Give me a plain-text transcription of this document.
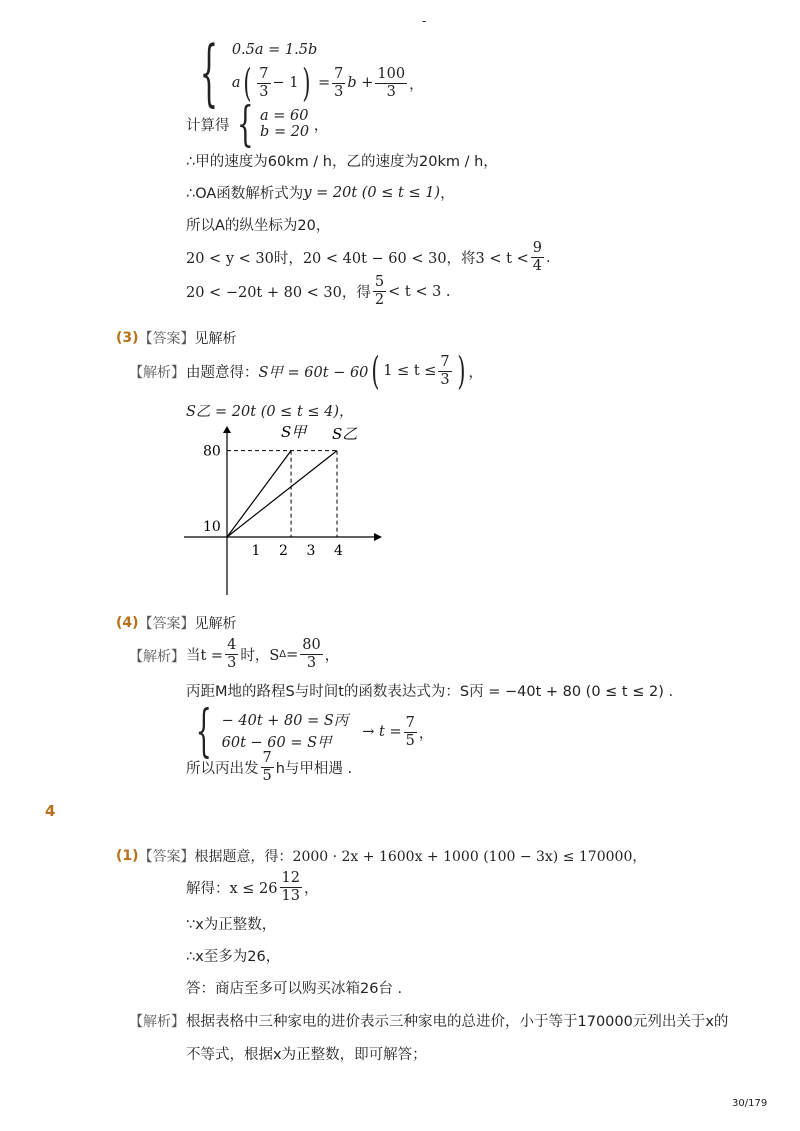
-
{ 0.5a = 1.5b
a ( $\frac{7}{3} - 1$ ) = $\frac{7}{3}$ $b + \frac{100}{3}$ ，
计算得 { a = 60
b = 20 ，
∴甲的速度为60km / h，乙的速度为20km / h，
∴OA函数解析式为 y = 20t (0 ≤ t ≤ 1) ，
所以A的纵坐标为20，
20 < y < 30时，20 < 40t − 60 < 30，将$3 < t < \frac{9}{4}$ .
20 < −20t + 80 < 30，得 $\frac{5}{2} < t < 3$ .
(3) 【答案】 见解析
【解析】 由题意得： S甲 = 60t − 60 ( $1 \le t \le \frac{7}{3}$ ) ，
S乙 = 20t (0 ≤ t ≤ 4)，
1 2 3 4
10
80
S甲 S乙
(4) 【答案】 见解析
【解析】 当$t = \frac{4}{3}$ 时，S $\Delta = \frac{80}{3}$ ，
丙距M地的路程S与时间t的函数表达式为：S丙 = −40t + 80 (0 ≤ t ≤ 2) .
{ − 40t + 80 = S丙
60t − 60 = S甲
→ $t = \frac{7}{5}$ ，
所以丙出发 $\frac{7}{5}$ h与甲相遇 .
4
(1) 【答案】 根据题意，得：2000 · 2x + 1600x + 1000 (100 − 3x) ≤ 170000，
解得：$x \le 26 \frac{12}{13}$ ，
∵x为正整数，
∴x至多为26，
答：商店至多可以购买冰箱26台 .
【解析】 根据表格中三种家电的进价表示三种家电的总进价，小于等于170000元列出关于x的
不等式，根据x为正整数，即可解答；
30/179
